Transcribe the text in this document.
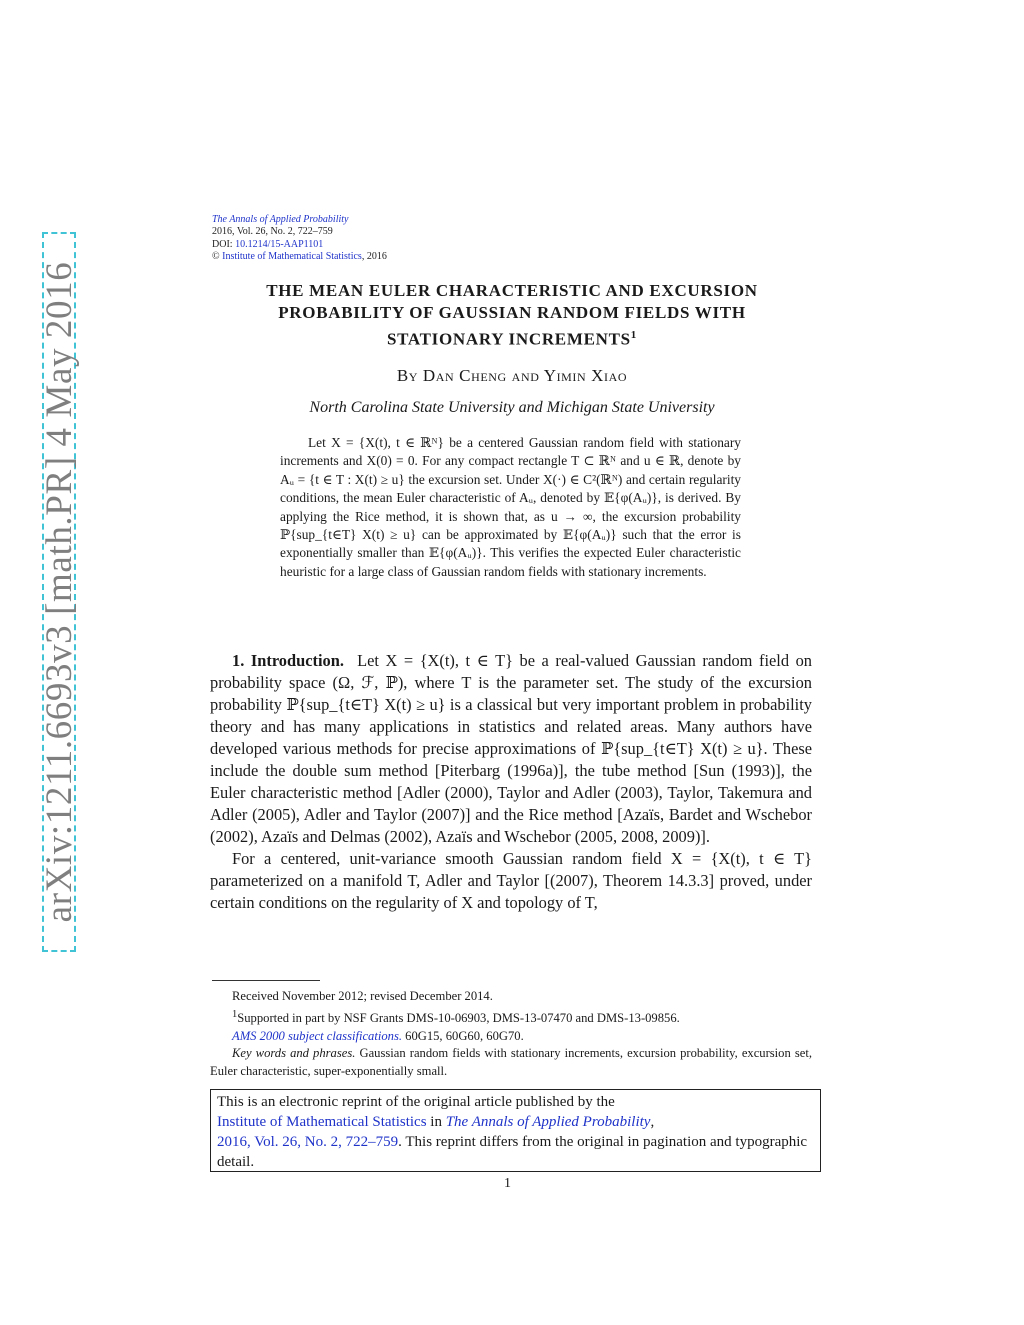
arXiv:1211.6693v3 [math.PR] 4 May 2016
The Annals of Applied Probability
2016, Vol. 26, No. 2, 722–759
DOI: 10.1214/15-AAP1101
© Institute of Mathematical Statistics, 2016
THE MEAN EULER CHARACTERISTIC AND EXCURSION
PROBABILITY OF GAUSSIAN RANDOM FIELDS WITH
STATIONARY INCREMENTS$^1$
By Dan Cheng and Yimin Xiao
North Carolina State University and Michigan State University

Let X = {X(t), t ∈ ℝᴺ} be a centered Gaussian random field with stationary increments and X(0) = 0. For any compact rectangle T ⊂ ℝᴺ and u ∈ ℝ, denote by Aᵤ = {t ∈ T : X(t) ≥ u} the excursion set. Under X(·) ∈ C²(ℝᴺ) and certain regularity conditions, the mean Euler characteristic of Aᵤ, denoted by 𝔼{φ(Aᵤ)}, is derived. By applying the Rice method, it is shown that, as u → ∞, the excursion probability ℙ{sup_{t∈T} X(t) ≥ u} can be approximated by 𝔼{φ(Aᵤ)} such that the error is exponentially smaller than 𝔼{φ(Aᵤ)}. This verifies the expected Euler characteristic heuristic for a large class of Gaussian random fields with stationary increments.

1. Introduction. Let X = {X(t), t ∈ T} be a real-valued Gaussian random field on probability space (Ω, ℱ, ℙ), where T is the parameter set. The study of the excursion probability ℙ{sup_{t∈T} X(t) ≥ u} is a classical but very important problem in probability theory and has many applications in statistics and related areas. Many authors have developed various methods for precise approximations of ℙ{sup_{t∈T} X(t) ≥ u}. These include the double sum method [Piterbarg (1996a)], the tube method [Sun (1993)], the Euler characteristic method [Adler (2000), Taylor and Adler (2003), Taylor, Takemura and Adler (2005), Adler and Taylor (2007)] and the Rice method [Azaïs, Bardet and Wschebor (2002), Azaïs and Delmas (2002), Azaïs and Wschebor (2005, 2008, 2009)].

For a centered, unit-variance smooth Gaussian random field X = {X(t), t ∈ T} parameterized on a manifold T, Adler and Taylor [(2007), Theorem 14.3.3] proved, under certain conditions on the regularity of X and topology of T,

Received November 2012; revised December 2014.

$^1$Supported in part by NSF Grants DMS-10-06903, DMS-13-07470 and DMS-13-09856.

AMS 2000 subject classifications. 60G15, 60G60, 60G70.

Key words and phrases. Gaussian random fields with stationary increments, excursion probability, excursion set, Euler characteristic, super-exponentially small.

This is an electronic reprint of the original article published by the
Institute of Mathematical Statistics in The Annals of Applied Probability,
2016, Vol. 26, No. 2, 722–759. This reprint differs from the original in pagination and typographic detail.
1
